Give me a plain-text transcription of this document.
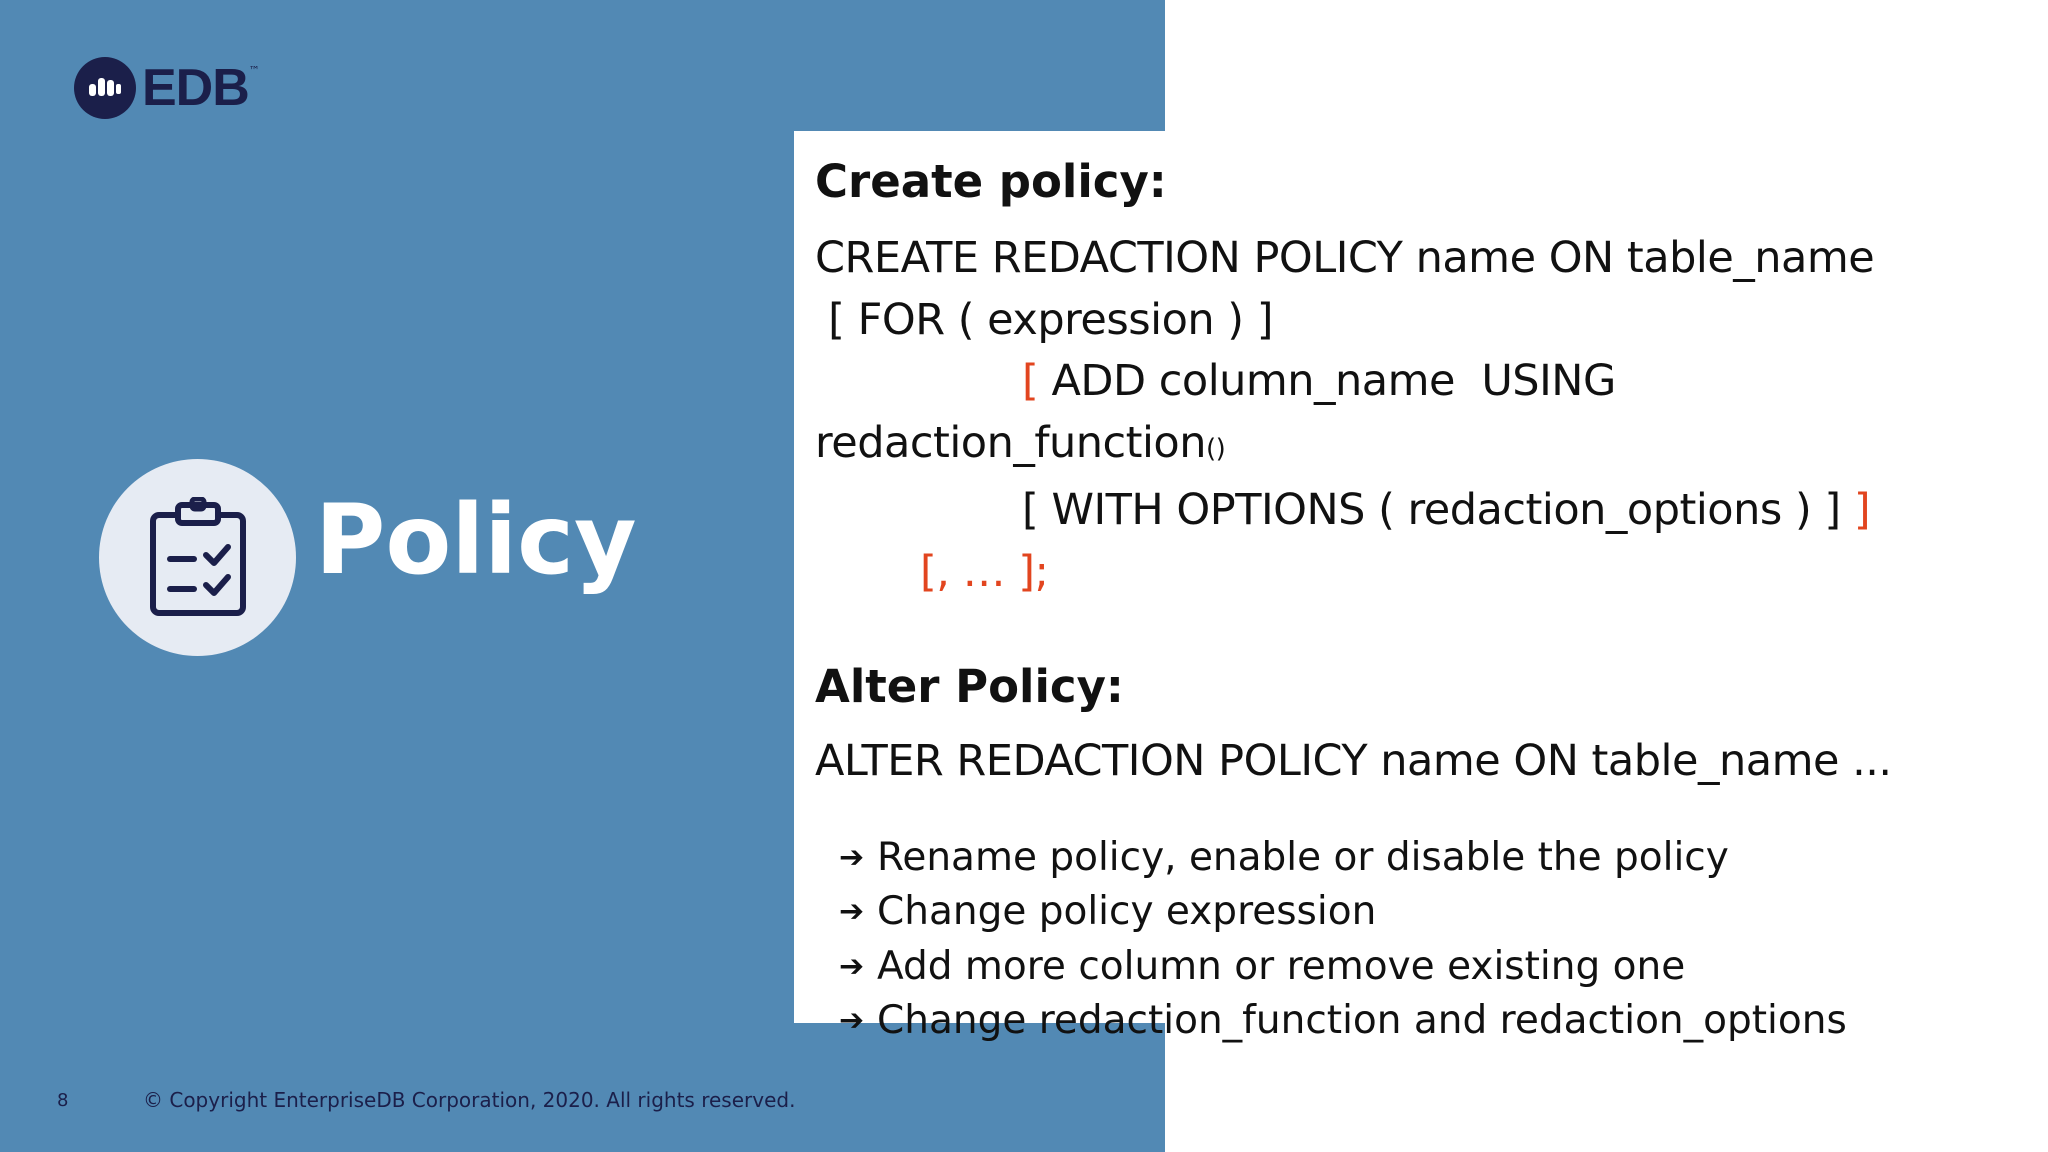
EDB ™
Policy
8	© Copyright EnterpriseDB Corporation, 2020. All rights reserved.

Create policy:

CREATE REDACTION POLICY name ON table_name

[ FOR ( expression ) ]

[ ADD column_name  USING

redaction_function()

[ WITH OPTIONS ( redaction_options ) ] ]

[, … ];

Alter Policy:

ALTER REDACTION POLICY name ON table_name ...

➔ Rename policy, enable or disable the policy
➔ Change policy expression
➔ Add more column or remove existing one
➔ Change redaction_function and redaction_options
